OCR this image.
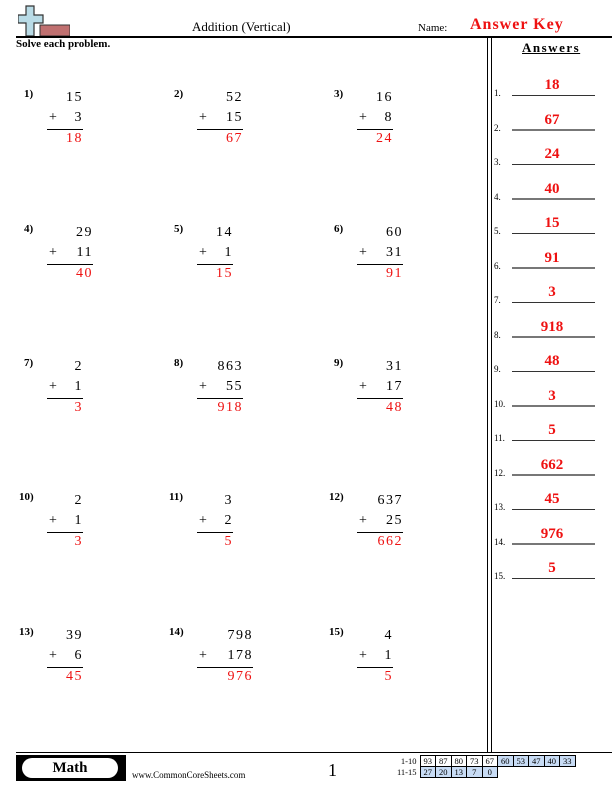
Addition (Vertical)	Name: Answer Key
Solve each problem.
1)	15
+ 3
18
2)	52
+ 15
67
3)	16
+ 8
24
4)	29
+ 11
40
5)	14
+ 1
15
6)	60
+ 31
91
7)	2
+ 1
3
8)	863
+ 55
918
9)	31
+ 17
48
10)	2
+ 1
3
11)	3
+ 2
5
12)	637
+ 25
662
13)	39
+ 6
45
14)	798
+ 178
976
15)	4
+ 1
5
Answers
1.	18
2.	67
3.	24
4.	40
5.	15
6.	91
7.	3
8.	918
9.	48
10.	3
11.	5
12.	662
13.	45
14.	976
15.	5
Math	www.CommonCoreSheets.com	1	1-10	93	87	80	73	67	60	53	47	40	33
11-15	27	20	13	7	0					
